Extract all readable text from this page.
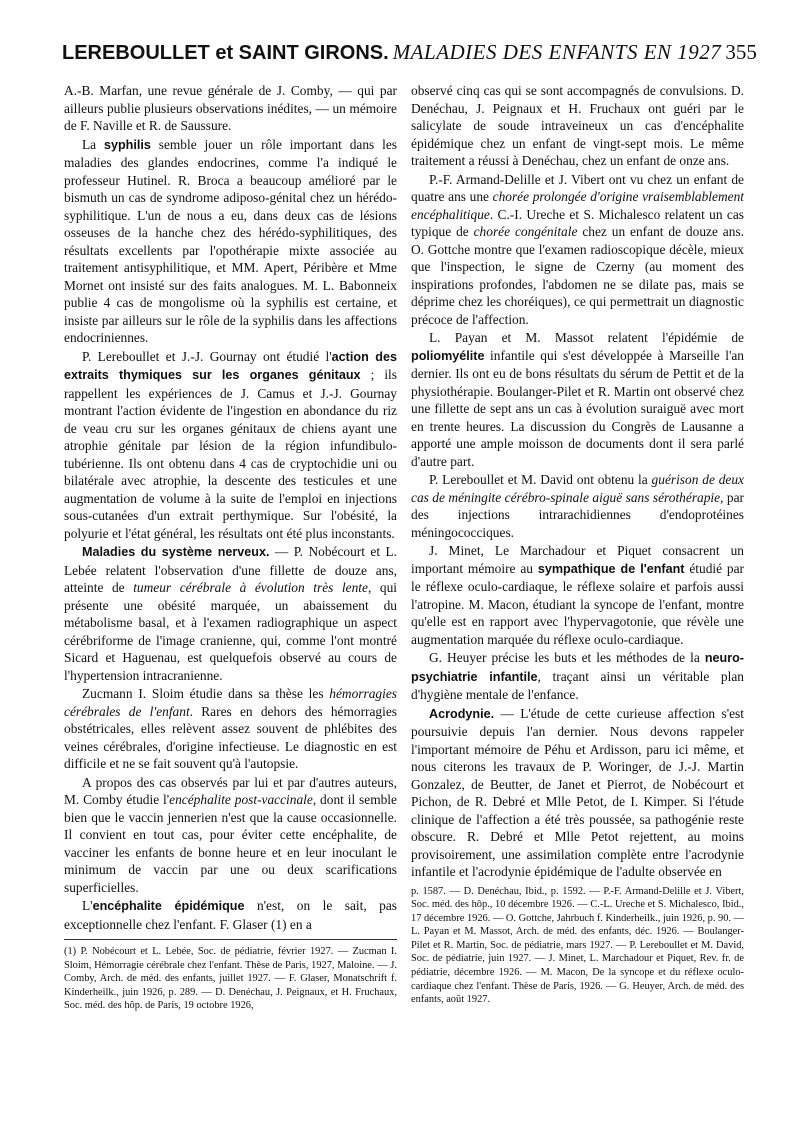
LEREBOULLET et SAINT GIRONS. MALADIES DES ENFANTS EN 1927 355

A.-B. Marfan, une revue générale de J. Comby, — qui par ailleurs publie plusieurs observations inédites, — un mémoire de F. Naville et R. de Saussure.

La syphilis semble jouer un rôle important dans les maladies des glandes endocrines, comme l'a indiqué le professeur Hutinel. R. Broca a beaucoup amélioré par le bismuth un cas de syndrome adiposo-génital chez un hérédo-syphilitique. L'un de nous a eu, dans deux cas de lésions osseuses de la hanche chez des hérédo-syphilitiques, des résultats excellents par l'opothérapie mixte associée au traitement antisyphilitique, et MM. Apert, Péribère et Mme Mornet ont insisté sur des faits analogues. M. L. Babonneix publie 4 cas de mongolisme où la syphilis est certaine, et insiste par ailleurs sur le rôle de la syphilis dans les affections endocriniennes.

P. Lereboullet et J.-J. Gournay ont étudié l'action des extraits thymiques sur les organes génitaux ; ils rappellent les expériences de J. Camus et J.-J. Gournay montrant l'action évidente de l'ingestion en abondance du riz de veau cru sur les organes génitaux de chiens ayant une atrophie génitale par lésion de la région infundibulo-tubérienne. Ils ont obtenu dans 4 cas de cryptochidie uni ou bilatérale avec atrophie, la descente des testicules et une augmentation de volume à la suite de l'emploi en injections sous-cutanées d'un extrait perthymique. Sur l'obésité, la polyurie et l'état général, les résultats ont été plus inconstants.

Maladies du système nerveux. — P. Nobécourt et L. Lebée relatent l'observation d'une fillette de douze ans, atteinte de tumeur cérébrale à évolution très lente, qui présente une obésité marquée, un abaissement du métabolisme basal, et à l'examen radiographique un aspect cérébriforme de l'image cranienne, qui, comme l'ont montré Sicard et Haguenau, est quelquefois observé au cours de l'hypertension intracranienne.

Zucmann I. Sloim étudie dans sa thèse les hémorragies cérébrales de l'enfant. Rares en dehors des hémorragies obstétricales, elles relèvent assez souvent de phlébites des veines cérébrales, d'origine infectieuse. Le diagnostic en est difficile et ne se fait souvent qu'à l'autopsie.

A propos des cas observés par lui et par d'autres auteurs, M. Comby étudie l'encéphalite post-vaccinale, dont il semble bien que le vaccin jennerien n'est que la cause occasionnelle. Il convient en tout cas, pour éviter cette encéphalite, de vacciner les enfants de bonne heure et en leur inoculant le minimum de vaccin par une ou deux scarifications superficielles.

L'encéphalite épidémique n'est, on le sait, pas exceptionnelle chez l'enfant. F. Glaser (1) en a

(1) P. Nobécourt et L. Lebée, Soc. de pédiatrie, février 1927. — Zucman I. Sloim, Hémorragie cérébrale chez l'enfant. Thèse de Paris, 1927, Maloine. — J. Comby, Arch. de méd. des enfants, juillet 1927. — F. Glaser, Monatschrift f. Kinderheilk., juin 1926, p. 289. — D. Denéchau, J. Peignaux, et H. Fruchaux, Soc. méd. des hôp. de Paris, 19 octobre 1926,

observé cinq cas qui se sont accompagnés de convulsions. D. Denéchau, J. Peignaux et H. Fruchaux ont guéri par le salicylate de soude intraveineux un cas d'encéphalite épidémique chez un enfant de vingt-sept mois. Le même traitement a réussi à Denéchau, chez un enfant de onze ans.

P.-F. Armand-Delille et J. Vibert ont vu chez un enfant de quatre ans une chorée prolongée d'origine vraisemblablement encéphalitique. C.-I. Ureche et S. Michalesco relatent un cas typique de chorée congénitale chez un enfant de douze ans. O. Gottche montre que l'examen radioscopique décèle, mieux que l'inspection, le signe de Czerny (au moment des inspirations profondes, l'abdomen ne se dilate pas, mais se déprime chez les choréiques), ce qui permettrait un diagnostic précoce de l'affection.

L. Payan et M. Massot relatent l'épidémie de poliomyélite infantile qui s'est développée à Marseille l'an dernier. Ils ont eu de bons résultats du sérum de Pettit et de la physiothérapie. Boulanger-Pilet et R. Martin ont observé chez une fillette de sept ans un cas à évolution suraiguë avec mort en trente heures. La discussion du Congrès de Lausanne a apporté une ample moisson de documents dont il sera parlé d'autre part.

P. Lereboullet et M. David ont obtenu la guérison de deux cas de méningite cérébro-spinale aiguë sans sérothérapie, par des injections intrarachidiennes d'endoprotéines méningococciques.

J. Minet, Le Marchadour et Piquet consacrent un important mémoire au sympathique de l'enfant étudié par le réflexe oculo-cardiaque, le réflexe solaire et parfois aussi l'atropine. M. Macon, étudiant la syncope de l'enfant, montre qu'elle est en rapport avec l'hypervagotonie, que révèle une augmentation marquée du réflexe oculo-cardiaque.

G. Heuyer précise les buts et les méthodes de la neuro-psychiatrie infantile, traçant ainsi un véritable plan d'hygiène mentale de l'enfance.

Acrodynie. — L'étude de cette curieuse affection s'est poursuivie depuis l'an dernier. Nous devons rappeler l'important mémoire de Péhu et Ardisson, paru ici même, et nous citerons les travaux de P. Woringer, de J.-J. Martin Gonzalez, de Beutter, de Janet et Pierrot, de Nobécourt et Pichon, de R. Debré et Mlle Petot, de I. Kimper. Si l'étude clinique de l'affection a été très poussée, sa pathogénie reste obscure. R. Debré et Mlle Petot rejettent, au moins provisoirement, une assimilation complète entre l'acrodynie infantile et l'acrodynie épidémique de l'adulte observée en

p. 1587. — D. Denéchau, Ibid., p. 1592. — P.-F. Armand-Delille et J. Vibert, Soc. méd. des hôp., 10 décembre 1926. — C.-L. Ureche et S. Michalesco, Ibid., 17 décembre 1926. — O. Gottche, Jahrbuch f. Kinderheilk., juin 1926, p. 90. — L. Payan et M. Massot, Arch. de méd. des enfants, déc. 1926. — Boulanger-Pilet et R. Martin, Soc. de pédiatrie, mars 1927. — P. Lereboullet et M. David, Soc. de pédiatrie, juin 1927. — J. Minet, L. Marchadour et Piquet, Rev. fr. de pédiatrie, décembre 1926. — M. Macon, De la syncope et du réflexe oculo-cardiaque chez l'enfant. Thèse de Paris, 1926. — G. Heuyer, Arch. de méd. des enfants, août 1927.
